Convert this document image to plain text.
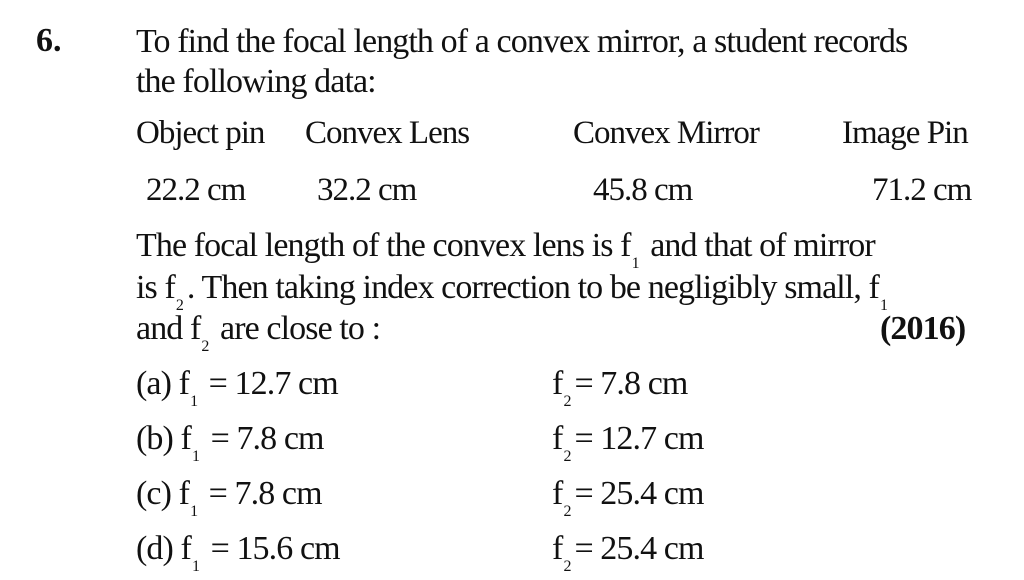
6. To find the focal length of a convex mirror, a student records
the following data:
Object pin Convex Lens	Convex Mirror	Image Pin
22.2 cm 32.2 cm	45.8 cm	71.2 cm
The focal length of the convex lens is $f_1$ and that of mirror
is $f_2$. Then taking index correction to be negligibly small, $f_1$
and $f_2$ are close to :	(2016)
(a) $f_1 = 12.7$ cm	$f_2= 7.8$ cm
(b) $f_1 = 7.8$ cm	$f_2= 12.7$ cm
(c) $f_1 = 7.8$ cm	$f_2= 25.4$ cm
(d) $f_1 = 15.6$ cm	$f_2= 25.4$ cm
